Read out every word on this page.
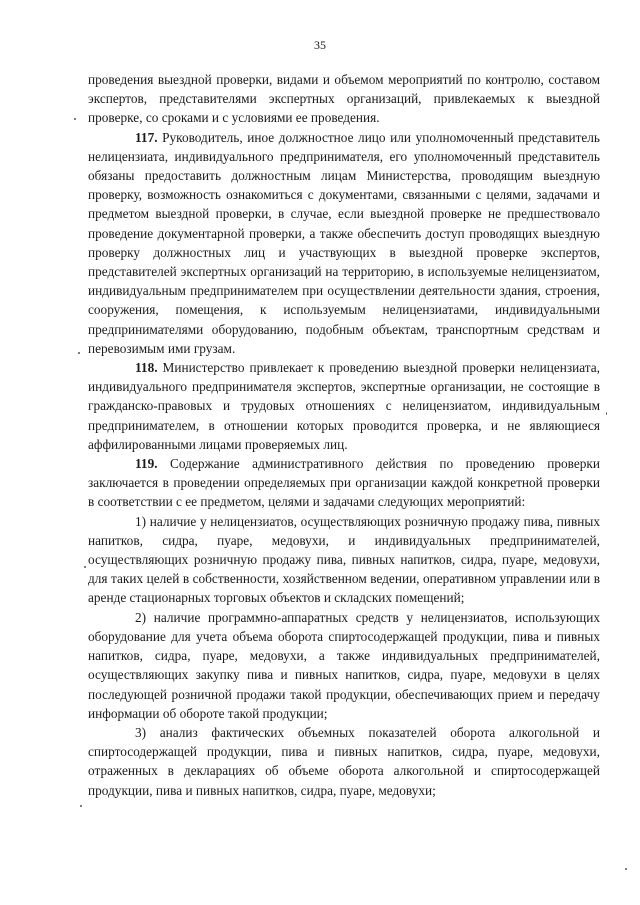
35

проведения выездной проверки, видами и объемом мероприятий по контролю, составом экспертов, представителями экспертных организаций, привлекаемых к выездной проверке, со сроками и с условиями ее проведения.

117. Руководитель, иное должностное лицо или уполномоченный представитель нелицензиата, индивидуального предпринимателя, его уполномоченный представитель обязаны предоставить должностным лицам Министерства, проводящим выездную проверку, возможность ознакомиться с документами, связанными с целями, задачами и предметом выездной проверки, в случае, если выездной проверке не предшествовало проведение документарной проверки, а также обеспечить доступ проводящих выездную проверку должностных лиц и участвующих в выездной проверке экспертов, представителей экспертных организаций на территорию, в используемые нелицензиатом, индивидуальным предпринимателем при осуществлении деятельности здания, строения, сооружения, помещения, к используемым нелицензиатами, индивидуальными предпринимателями оборудованию, подобным объектам, транспортным средствам и перевозимым ими грузам.

118. Министерство привлекает к проведению выездной проверки нелицензиата, индивидуального предпринимателя экспертов, экспертные организации, не состоящие в гражданско-правовых и трудовых отношениях с нелицензиатом, индивидуальным предпринимателем, в отношении которых проводится проверка, и не являющиеся аффилированными лицами проверяемых лиц.

119. Содержание административного действия по проведению проверки заключается в проведении определяемых при организации каждой конкретной проверки в соответствии с ее предметом, целями и задачами следующих мероприятий:

1) наличие у нелицензиатов, осуществляющих розничную продажу пива, пивных напитков, сидра, пуаре, медовухи, и индивидуальных предпринимателей, осуществляющих розничную продажу пива, пивных напитков, сидра, пуаре, медовухи, для таких целей в собственности, хозяйственном ведении, оперативном управлении или в аренде стационарных торговых объектов и складских помещений;

2) наличие программно-аппаратных средств у нелицензиатов, использующих оборудование для учета объема оборота спиртосодержащей продукции, пива и пивных напитков, сидра, пуаре, медовухи, а также индивидуальных предпринимателей, осуществляющих закупку пива и пивных напитков, сидра, пуаре, медовухи в целях последующей розничной продажи такой продукции, обеспечивающих прием и передачу информации об обороте такой продукции;

3) анализ фактических объемных показателей оборота алкогольной и спиртосодержащей продукции, пива и пивных напитков, сидра, пуаре, медовухи, отраженных в декларациях об объеме оборота алкогольной и спиртосодержащей продукции, пива и пивных напитков, сидра, пуаре, медовухи;
